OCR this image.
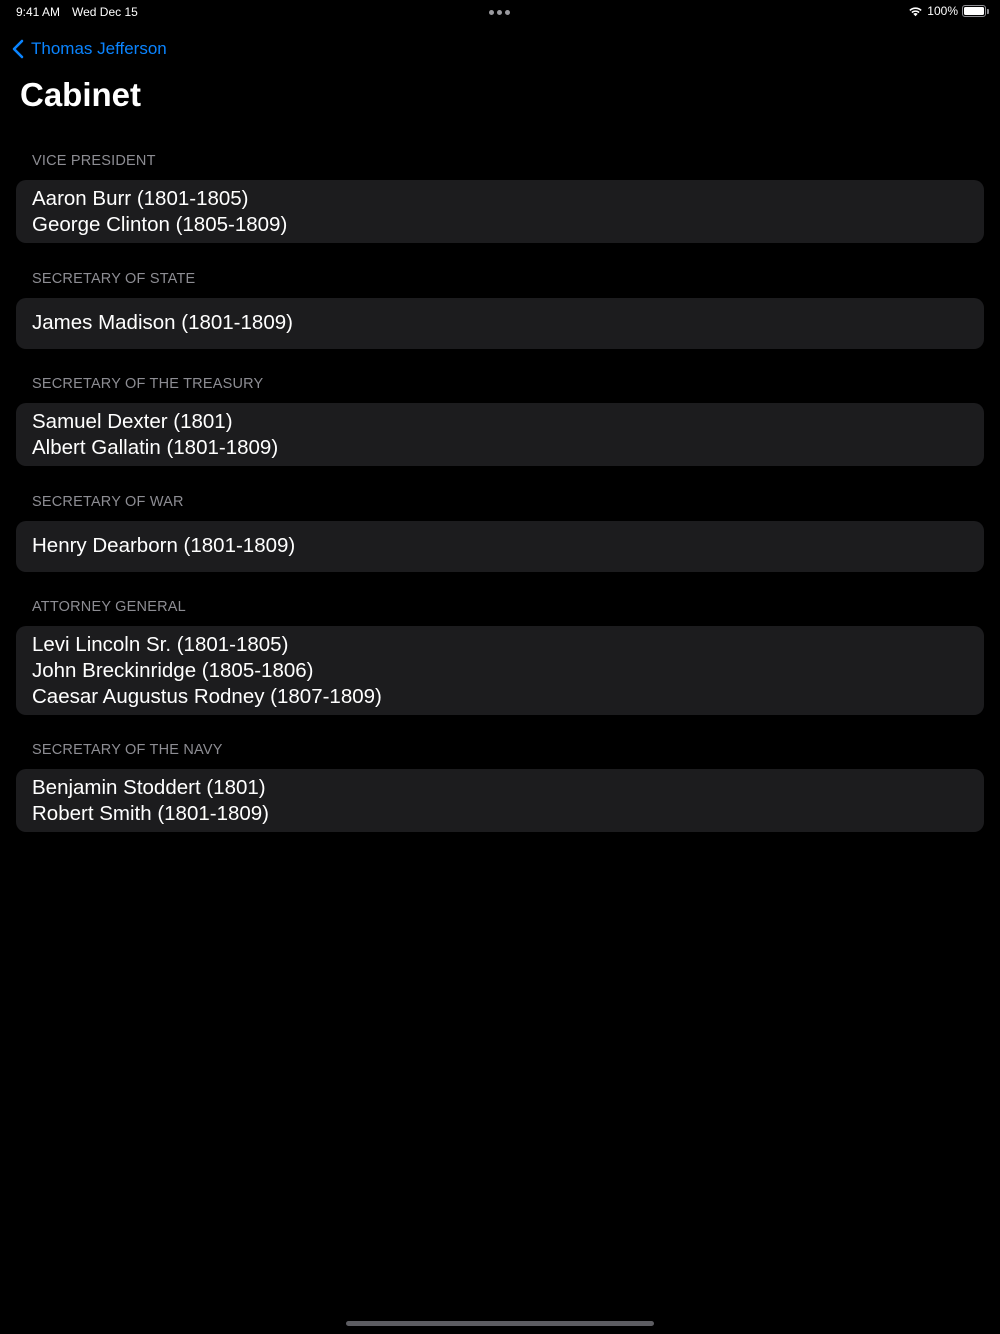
9:41 AM Wed Dec 15	100%
Thomas Jefferson
Cabinet
VICE PRESIDENT
Aaron Burr (1801-1805)
George Clinton (1805-1809)
SECRETARY OF STATE
James Madison (1801-1809)
SECRETARY OF THE TREASURY
Samuel Dexter (1801)
Albert Gallatin (1801-1809)
SECRETARY OF WAR
Henry Dearborn (1801-1809)
ATTORNEY GENERAL
Levi Lincoln Sr. (1801-1805)
John Breckinridge (1805-1806)
Caesar Augustus Rodney (1807-1809)
SECRETARY OF THE NAVY
Benjamin Stoddert (1801)
Robert Smith (1801-1809)
